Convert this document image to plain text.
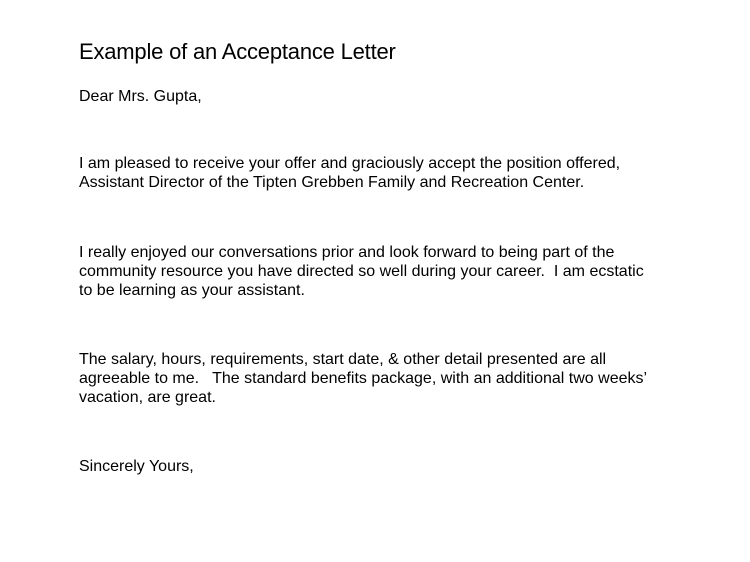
Example of an Acceptance Letter

Dear Mrs. Gupta,

I am pleased to receive your offer and graciously accept the position offered,

Assistant Director of the Tipten Grebben Family and Recreation Center.

I really enjoyed our conversations prior and look forward to being part of the

community resource you have directed so well during your career.  I am ecstatic

to be learning as your assistant.

The salary, hours, requirements, start date, & other detail presented are all

agreeable to me.   The standard benefits package, with an additional two weeks’

vacation, are great.

Sincerely Yours,
